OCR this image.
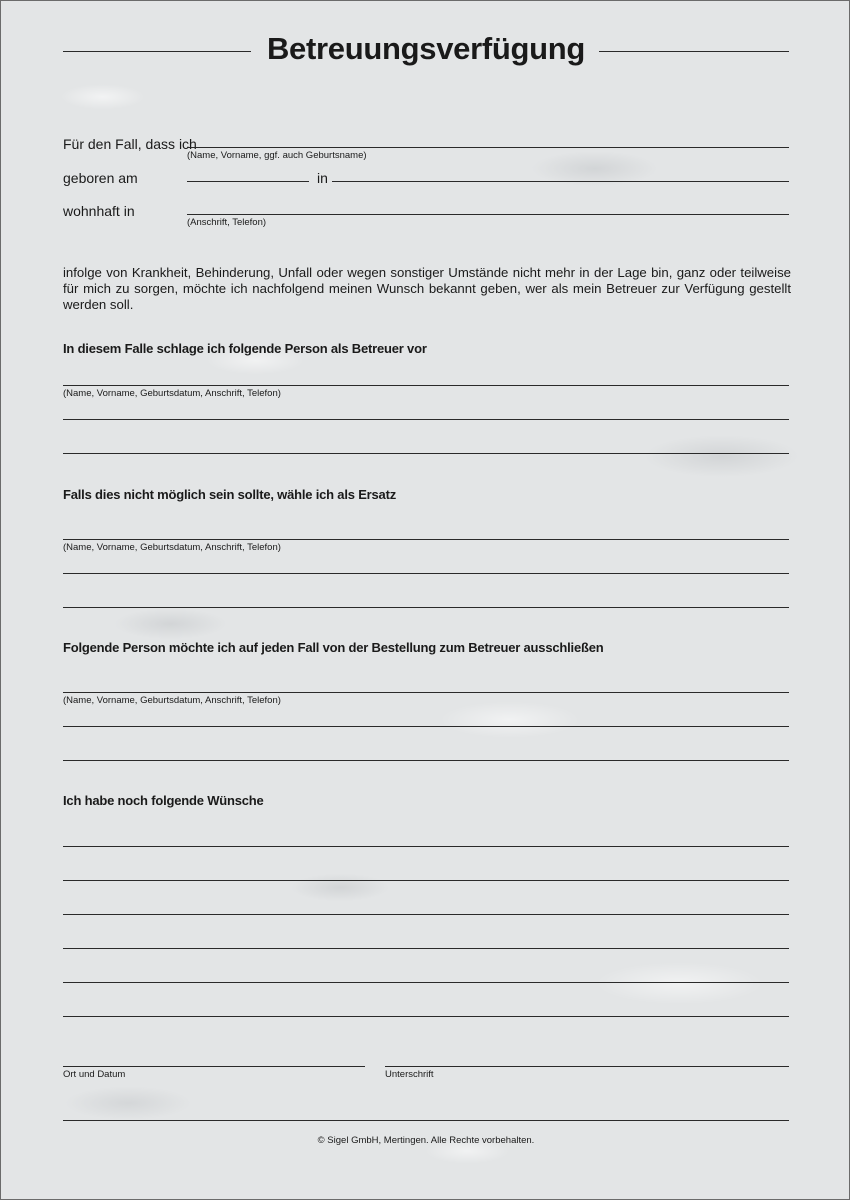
Betreuungsverfügung
Für den Fall, dass ich
(Name, Vorname, ggf. auch Geburtsname)
geboren am	in
wohnhaft in
(Anschrift, Telefon)
infolge von Krankheit, Behinderung, Unfall oder wegen sonstiger Umstände nicht mehr in der Lage bin, ganz oder teilweise für mich zu sorgen, möchte ich nachfolgend meinen Wunsch bekannt geben, wer als mein Betreuer zur Verfügung gestellt werden soll.
In diesem Falle schlage ich folgende Person als Betreuer vor
(Name, Vorname, Geburtsdatum, Anschrift, Telefon)
Falls dies nicht möglich sein sollte, wähle ich als Ersatz
(Name, Vorname, Geburtsdatum, Anschrift, Telefon)
Folgende Person möchte ich auf jeden Fall von der Bestellung zum Betreuer ausschließen
(Name, Vorname, Geburtsdatum, Anschrift, Telefon)
Ich habe noch folgende Wünsche
Ort und Datum	Unterschrift
© Sigel GmbH, Mertingen. Alle Rechte vorbehalten.
